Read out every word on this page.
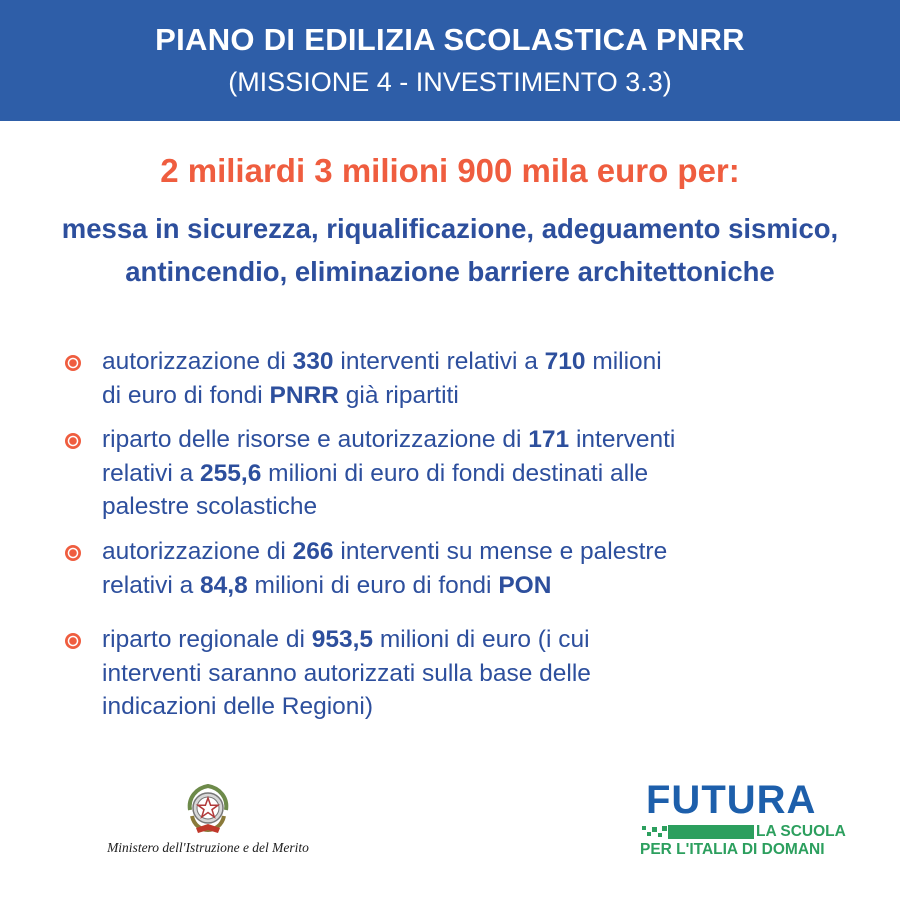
PIANO DI EDILIZIA SCOLASTICA PNRR
(MISSIONE 4 - INVESTIMENTO 3.3)
2 miliardi 3 milioni 900 mila euro per:
messa in sicurezza, riqualificazione, adeguamento sismico, antincendio, eliminazione barriere architettoniche
autorizzazione di 330 interventi relativi a 710 milioni
di euro di fondi PNRR già ripartiti
riparto delle risorse e autorizzazione di 171 interventi
relativi a 255,6 milioni di euro di fondi destinati alle
palestre scolastiche
autorizzazione di 266 interventi su mense e palestre
relativi a 84,8 milioni di euro di fondi PON
riparto regionale di 953,5 milioni di euro (i cui
interventi saranno autorizzati sulla base delle
indicazioni delle Regioni)
Ministero dell'Istruzione e del Merito
FUTURA
LA SCUOLA
PER L'ITALIA DI DOMANI
